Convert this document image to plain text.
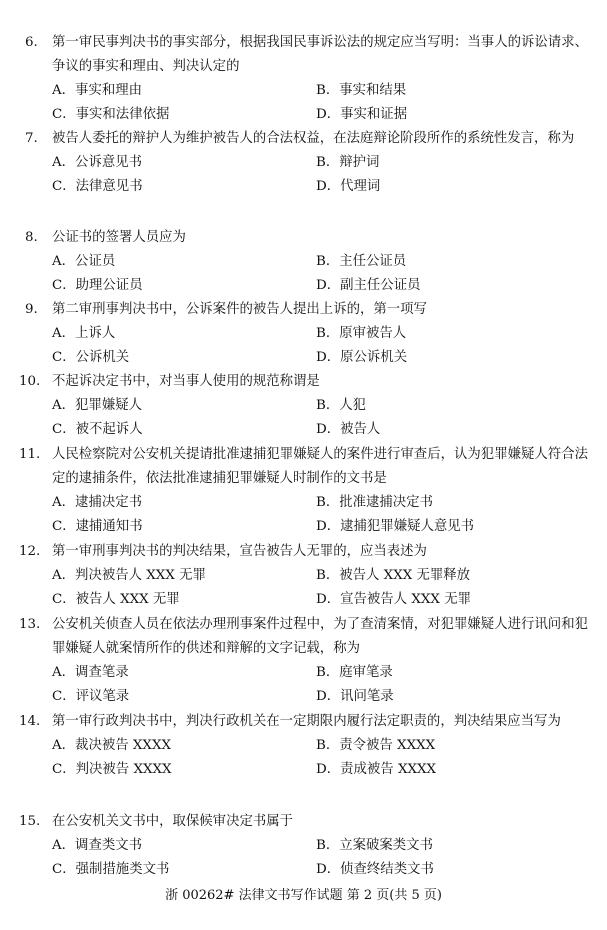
6.	第一审民事判决书的事实部分，根据我国民事诉讼法的规定应当写明：当事人的诉讼请求、争议的事实和理由、判决认定的
A．事实和理由	B．事实和结果
C．事实和法律依据	D．事实和证据
7.	被告人委托的辩护人为维护被告人的合法权益，在法庭辩论阶段所作的系统性发言，称为
A．公诉意见书	B．辩护词
C．法律意见书	D．代理词
8.	公证书的签署人员应为
A．公证员	B．主任公证员
C．助理公证员	D．副主任公证员
9.	第二审刑事判决书中，公诉案件的被告人提出上诉的，第一项写
A．上诉人	B．原审被告人
C．公诉机关	D．原公诉机关
10. 不起诉决定书中，对当事人使用的规范称谓是
A．犯罪嫌疑人	B．人犯
C．被不起诉人	D．被告人
11. 人民检察院对公安机关提请批准逮捕犯罪嫌疑人的案件进行审查后，认为犯罪嫌疑人符合法定的逮捕条件，依法批准逮捕犯罪嫌疑人时制作的文书是
A．逮捕决定书	B．批准逮捕决定书
C．逮捕通知书	D．逮捕犯罪嫌疑人意见书
12. 第一审刑事判决书的判决结果，宣告被告人无罪的，应当表述为
A．判决被告人 XXX 无罪	B．被告人 XXX 无罪释放
C．被告人 XXX 无罪	D．宣告被告人 XXX 无罪
13. 公安机关侦查人员在依法办理刑事案件过程中，为了查清案情，对犯罪嫌疑人进行讯问和犯罪嫌疑人就案情所作的供述和辩解的文字记载，称为
A．调查笔录	B．庭审笔录
C．评议笔录	D．讯问笔录
14. 第一审行政判决书中，判决行政机关在一定期限内履行法定职责的，判决结果应当写为
A．裁决被告 XXXX	B．责令被告 XXXX
C．判决被告 XXXX	D．责成被告 XXXX
15. 在公安机关文书中，取保候审决定书属于
A．调查类文书	B．立案破案类文书
C．强制措施类文书	D．侦查终结类文书
浙 00262# 法律文书写作试题 第 2 页(共 5 页)
